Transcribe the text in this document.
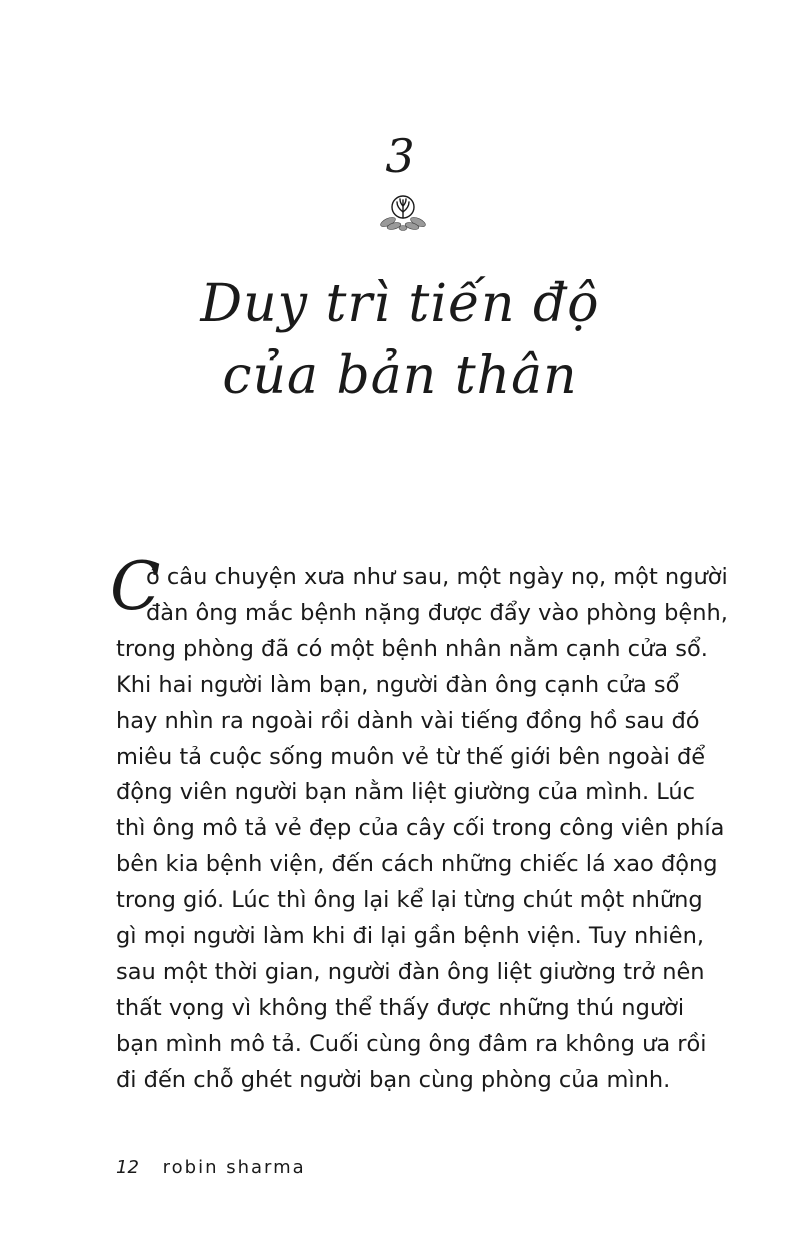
3
Duy trì tiến độ
của bản thân
C
ó câu chuyện xưa như sau, một ngày nọ, một người
đàn ông mắc bệnh nặng được đẩy vào phòng bệnh,
trong phòng đã có một bệnh nhân nằm cạnh cửa sổ.
Khi hai người làm bạn, người đàn ông cạnh cửa sổ
hay nhìn ra ngoài rồi dành vài tiếng đồng hồ sau đó
miêu tả cuộc sống muôn vẻ từ thế giới bên ngoài để
động viên người bạn nằm liệt giường của mình. Lúc
thì ông mô tả vẻ đẹp của cây cối trong công viên phía
bên kia bệnh viện, đến cách những chiếc lá xao động
trong gió. Lúc thì ông lại kể lại từng chút một những
gì mọi người làm khi đi lại gần bệnh viện. Tuy nhiên,
sau một thời gian, người đàn ông liệt giường trở nên
thất vọng vì không thể thấy được những thú người
bạn mình mô tả. Cuối cùng ông đâm ra không ưa rồi
đi đến chỗ ghét người bạn cùng phòng của mình.
12 robin sharma
